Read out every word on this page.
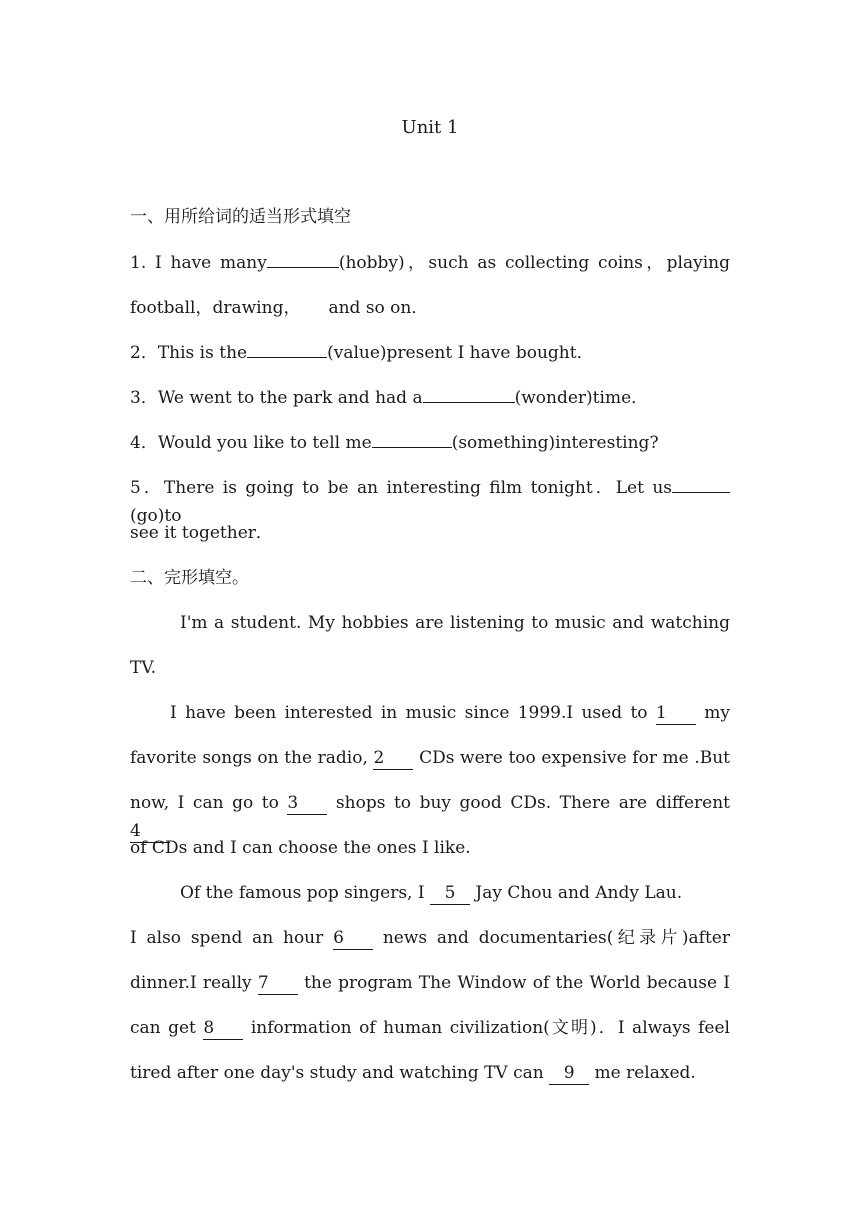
Unit 1
一、用所给词的适当形式填空
1. I have many	(hobby)，such as collecting coins，playing
football，drawing， and so on．
2．This is the	(value)present I have bought．
3．We went to the park and had a	(wonder)time．
4．Would you like to tell me	(something)interesting?
5．There is going to be an interesting film tonight．Let us(go)to
see it together．
二、完形填空。
I'm a student. My hobbies are listening to music and watching
TV.
I have been interested in music since 1999.I used to 1 my
favorite songs on the radio, 2 CDs were too expensive for me .But
now, I can go to 3 shops to buy good CDs. There are different 4
of CDs and I can choose the ones I like.
Of the famous pop singers, I 5 Jay Chou and Andy Lau.
I also spend an hour 6 news and documentaries(纪录片)after
dinner.I really 7 the program The Window of the World because I
can get 8 information of human civilization(文明)．I always feel
tired after one day's study and watching TV can 9 me relaxed.
